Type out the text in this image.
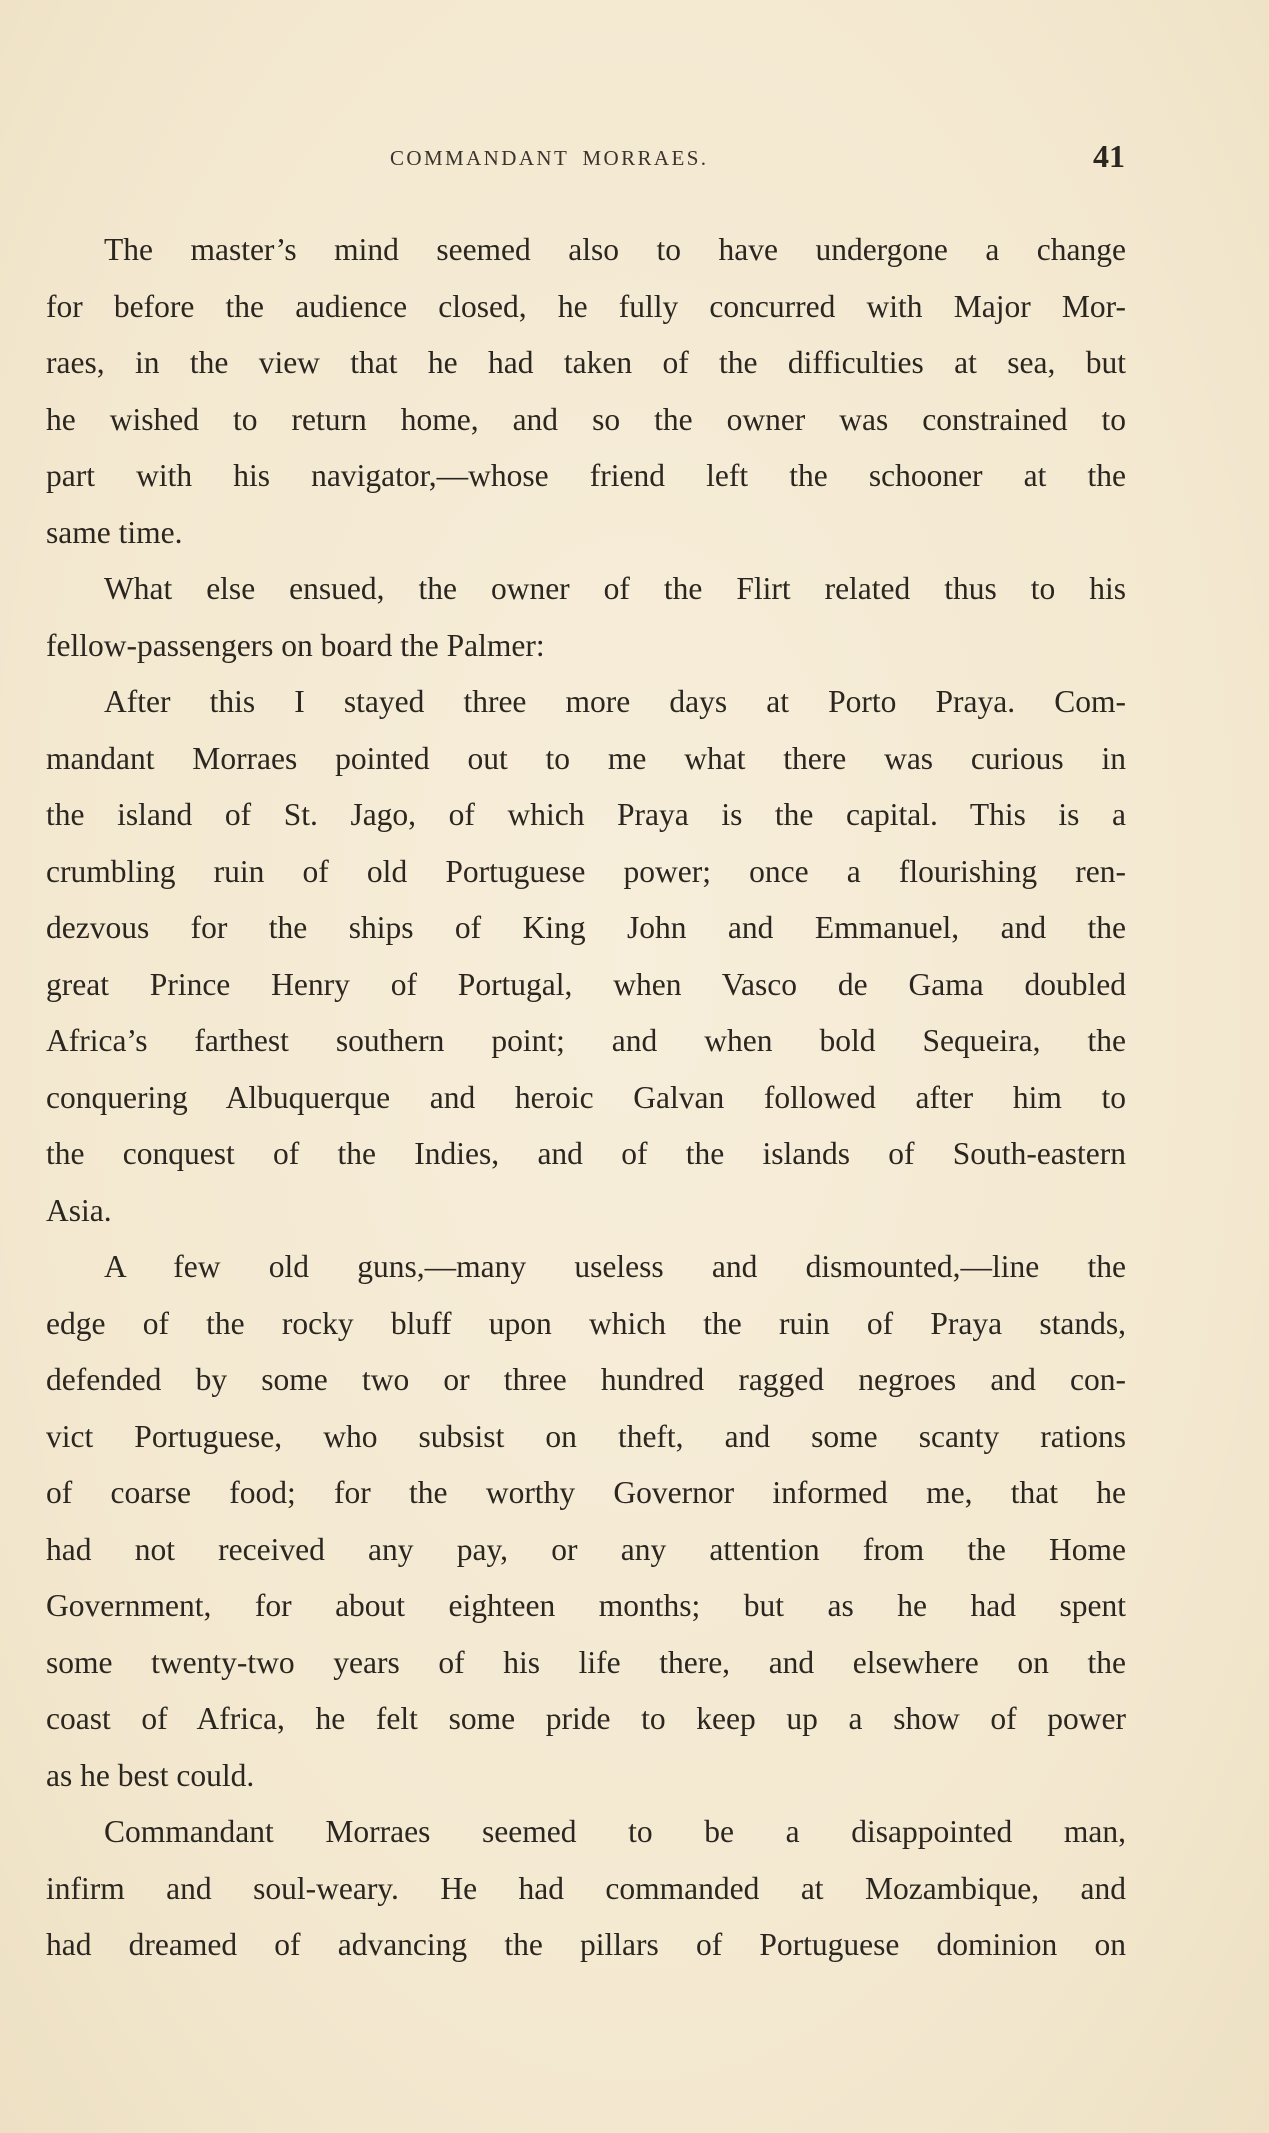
COMMANDANT MORRAES.	41
The master’s mind seemed also to have undergone a change
for before the audience closed, he fully concurred with Major Mor-
raes, in the view that he had taken of the difficulties at sea, but
he wished to return home, and so the owner was constrained to
part with his navigator,—whose friend left the schooner at the
same time.
What else ensued, the owner of the Flirt related thus to his
fellow-passengers on board the Palmer:
After this I stayed three more days at Porto Praya. Com-
mandant Morraes pointed out to me what there was curious in
the island of St. Jago, of which Praya is the capital. This is a
crumbling ruin of old Portuguese power; once a flourishing ren-
dezvous for the ships of King John and Emmanuel, and the
great Prince Henry of Portugal, when Vasco de Gama doubled
Africa’s farthest southern point; and when bold Sequeira, the
conquering Albuquerque and heroic Galvan followed after him to
the conquest of the Indies, and of the islands of South-eastern
Asia.
A few old guns,—many useless and dismounted,—line the
edge of the rocky bluff upon which the ruin of Praya stands,
defended by some two or three hundred ragged negroes and con-
vict Portuguese, who subsist on theft, and some scanty rations
of coarse food; for the worthy Governor informed me, that he
had not received any pay, or any attention from the Home
Government, for about eighteen months; but as he had spent
some twenty-two years of his life there, and elsewhere on the
coast of Africa, he felt some pride to keep up a show of power
as he best could.
Commandant Morraes seemed to be a disappointed man,
infirm and soul-weary. He had commanded at Mozambique, and
had dreamed of advancing the pillars of Portuguese dominion on
